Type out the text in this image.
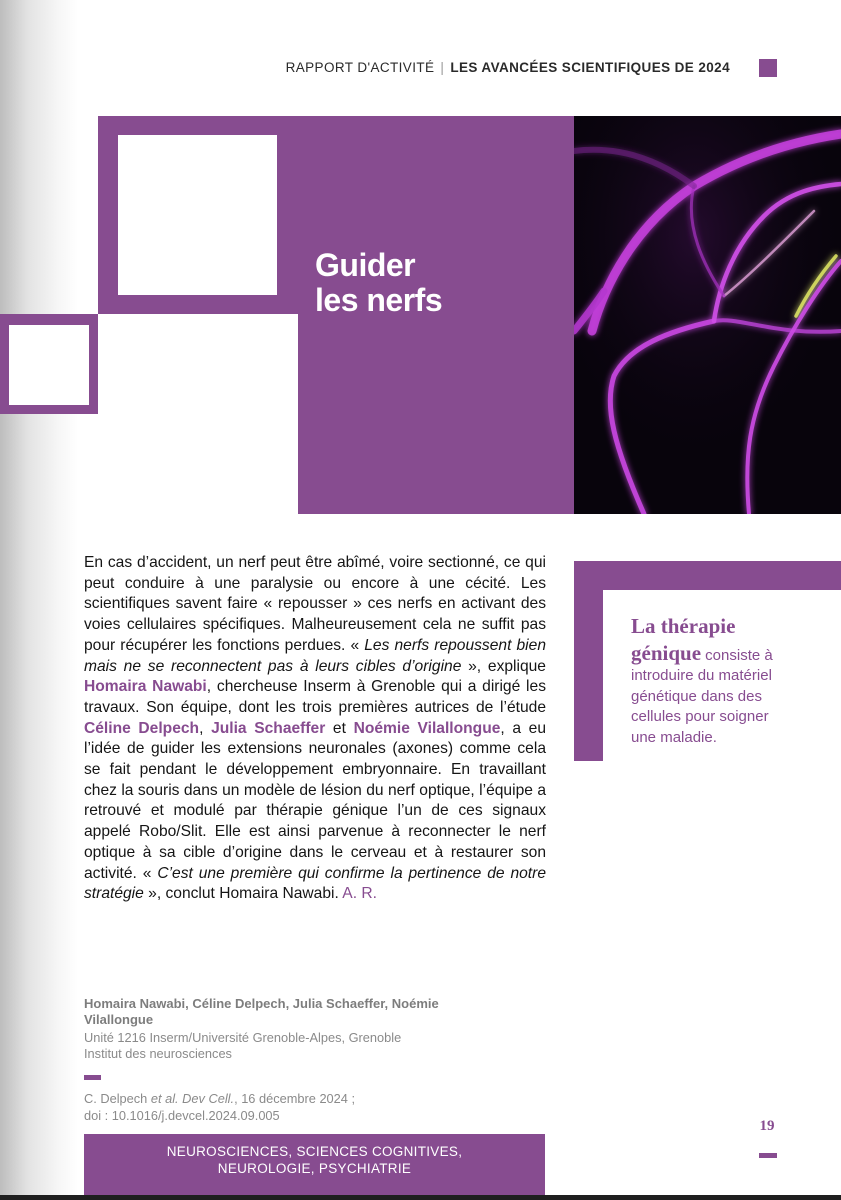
RAPPORT D'ACTIVITÉ | LES AVANCÉES SCIENTIFIQUES DE 2024
Guider
les nerfs
En cas d’accident, un nerf peut être abîmé, voire sectionné, ce qui peut conduire à une paralysie ou encore à une cécité. Les scientifiques savent faire « repousser » ces nerfs en activant des voies cellulaires spécifiques. Malheureusement cela ne suffit pas pour récupérer les fonctions perdues. « Les nerfs repoussent bien mais ne se reconnectent pas à leurs cibles d’origine », explique Homaira Nawabi, chercheuse Inserm à Grenoble qui a dirigé les travaux. Son équipe, dont les trois premières autrices de l’étude Céline Delpech, Julia Schaeffer et Noémie Vilallongue, a eu l’idée de guider les extensions neuronales (axones) comme cela se fait pendant le développement embryonnaire. En travaillant chez la souris dans un modèle de lésion du nerf optique, l’équipe a retrouvé et modulé par thérapie génique l’un de ces signaux appelé Robo/Slit. Elle est ainsi parvenue à reconnecter le nerf optique à sa cible d’origine dans le cerveau et à restaurer son activité. « C’est une première qui confirme la pertinence de notre stratégie », conclut Homaira Nawabi. A. R.
La thérapie génique consiste à introduire du matériel génétique dans des cellules pour soigner une maladie.
Homaira Nawabi, Céline Delpech, Julia Schaeffer, Noémie Vilallongue
Unité 1216 Inserm/Université Grenoble-Alpes, Grenoble
Institut des neurosciences
C. Delpech et al. Dev Cell., 16 décembre 2024 ;
doi : 10.1016/j.devcel.2024.09.005
19
NEUROSCIENCES, SCIENCES COGNITIVES,
NEUROLOGIE, PSYCHIATRIE
